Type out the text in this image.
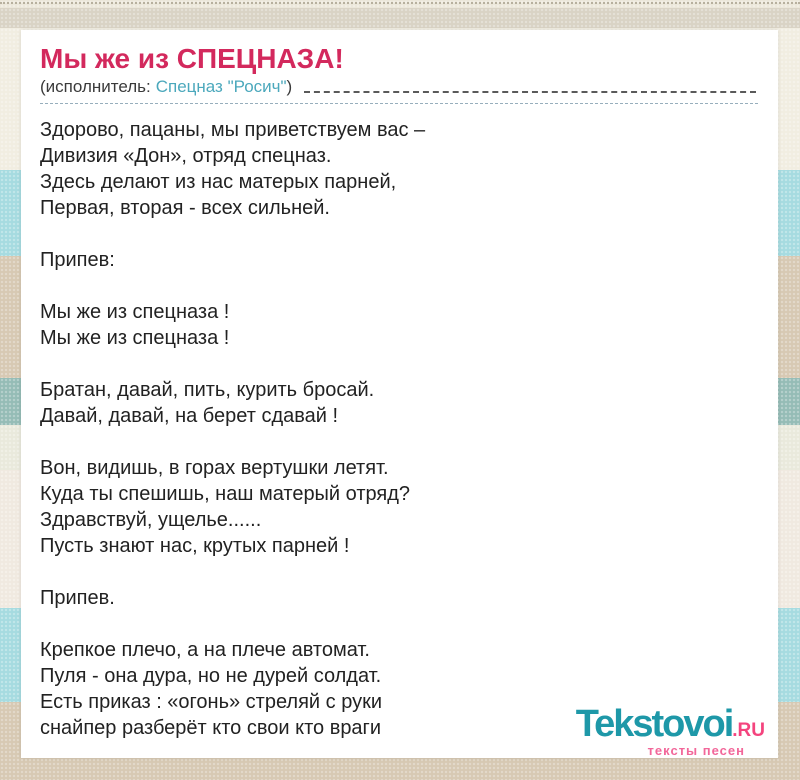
Мы же из СПЕЦНАЗА!
(исполнитель: Спецназ "Росич" )
Здорово, пацаны, мы приветствуем вас –
Дивизия «Дон», отряд спецназ.
Здесь делают из нас матерых парней,
Первая, вторая - всех сильней.

Припев:

Мы же из спецназа !
Мы же из спецназа !

Братан, давай, пить, курить бросай.
Давай, давай, на берет сдавай !

Вон, видишь, в горах вертушки летят.
Куда ты спешишь, наш матерый отряд?
Здравствуй, ущелье......
Пусть знают нас, крутых парней !

Припев.

Крепкое плечо, а на плече автомат.
Пуля - она дура, но не дурей солдат.
Есть приказ : «огонь» стреляй с руки
снайпер разберёт кто свои кто враги	Tekstovoi.RU
тексты песен
